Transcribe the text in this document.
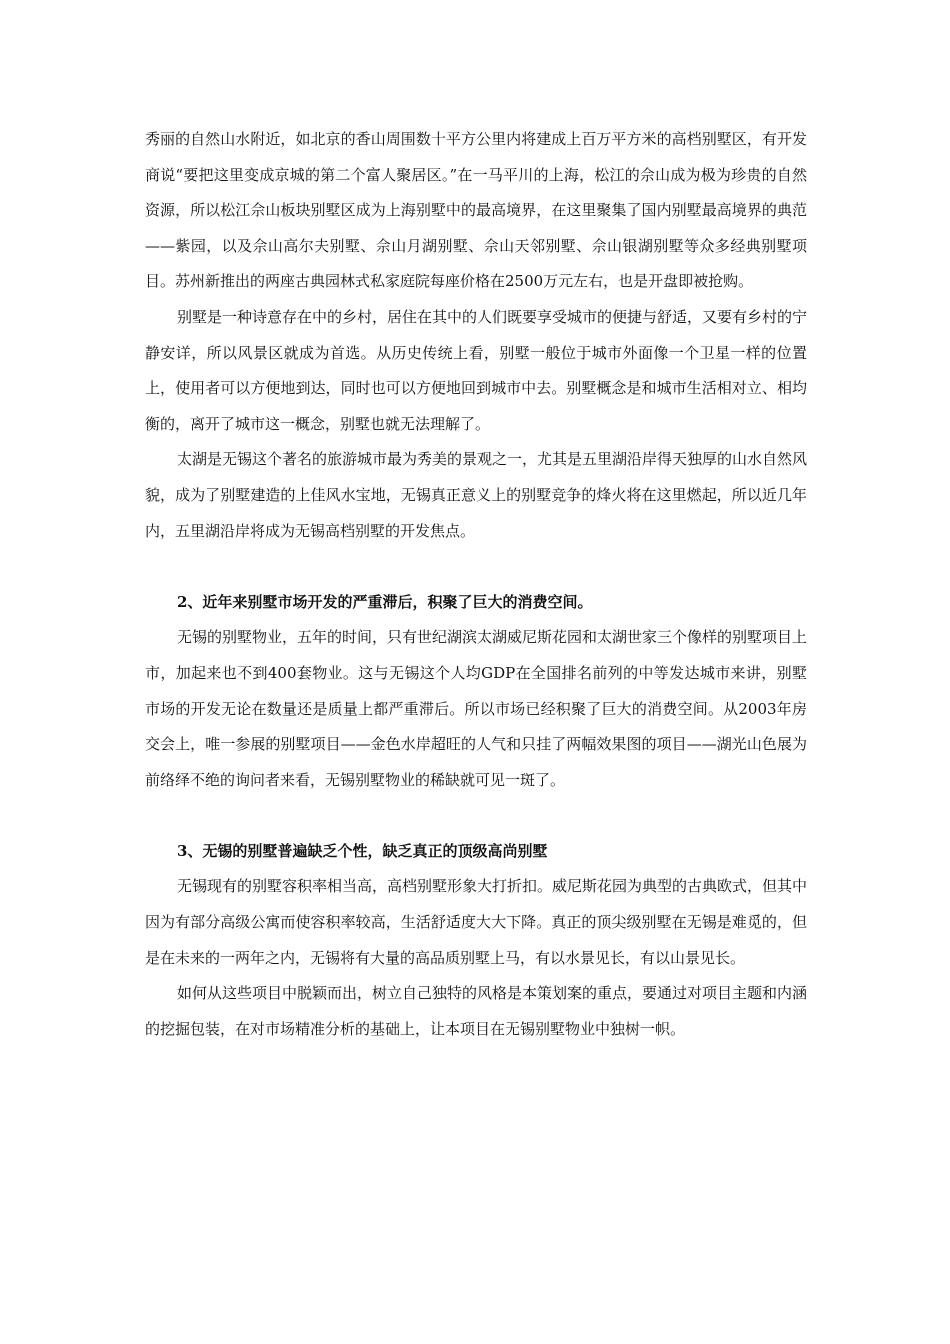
秀丽的自然山水附近，如北京的香山周围数十平方公里内将建成上百万平方米的高档别墅区，有开发商说“要把这里变成京城的第二个富人聚居区。”在一马平川的上海，松江的佘山成为极为珍贵的自然资源，所以松江佘山板块别墅区成为上海别墅中的最高境界，在这里聚集了国内别墅最高境界的典范——紫园，以及佘山高尔夫别墅、佘山月湖别墅、佘山天邻别墅、佘山银湖别墅等众多经典别墅项目。苏州新推出的两座古典园林式私家庭院每座价格在2500万元左右，也是开盘即被抢购。

别墅是一种诗意存在中的乡村，居住在其中的人们既要享受城市的便捷与舒适，又要有乡村的宁静安详，所以风景区就成为首选。从历史传统上看，别墅一般位于城市外面像一个卫星一样的位置上，使用者可以方便地到达，同时也可以方便地回到城市中去。别墅概念是和城市生活相对立、相均衡的，离开了城市这一概念，别墅也就无法理解了。

太湖是无锡这个著名的旅游城市最为秀美的景观之一，尤其是五里湖沿岸得天独厚的山水自然风貌，成为了别墅建造的上佳风水宝地，无锡真正意义上的别墅竞争的烽火将在这里燃起，所以近几年内，五里湖沿岸将成为无锡高档别墅的开发焦点。

2、近年来别墅市场开发的严重滞后，积聚了巨大的消费空间。

无锡的别墅物业，五年的时间，只有世纪湖滨太湖威尼斯花园和太湖世家三个像样的别墅项目上市，加起来也不到400套物业。这与无锡这个人均GDP在全国排名前列的中等发达城市来讲，别墅市场的开发无论在数量还是质量上都严重滞后。所以市场已经积聚了巨大的消费空间。从2003年房交会上，唯一参展的别墅项目——金色水岸超旺的人气和只挂了两幅效果图的项目——湖光山色展为前络绎不绝的询问者来看，无锡别墅物业的稀缺就可见一斑了。

3、无锡的别墅普遍缺乏个性，缺乏真正的顶级高尚别墅

无锡现有的别墅容积率相当高，高档别墅形象大打折扣。威尼斯花园为典型的古典欧式，但其中因为有部分高级公寓而使容积率较高，生活舒适度大大下降。真正的顶尖级别墅在无锡是难觅的，但是在未来的一两年之内，无锡将有大量的高品质别墅上马，有以水景见长，有以山景见长。

如何从这些项目中脱颖而出，树立自己独特的风格是本策划案的重点，要通过对项目主题和内涵的挖掘包装，在对市场精准分析的基础上，让本项目在无锡别墅物业中独树一帜。
